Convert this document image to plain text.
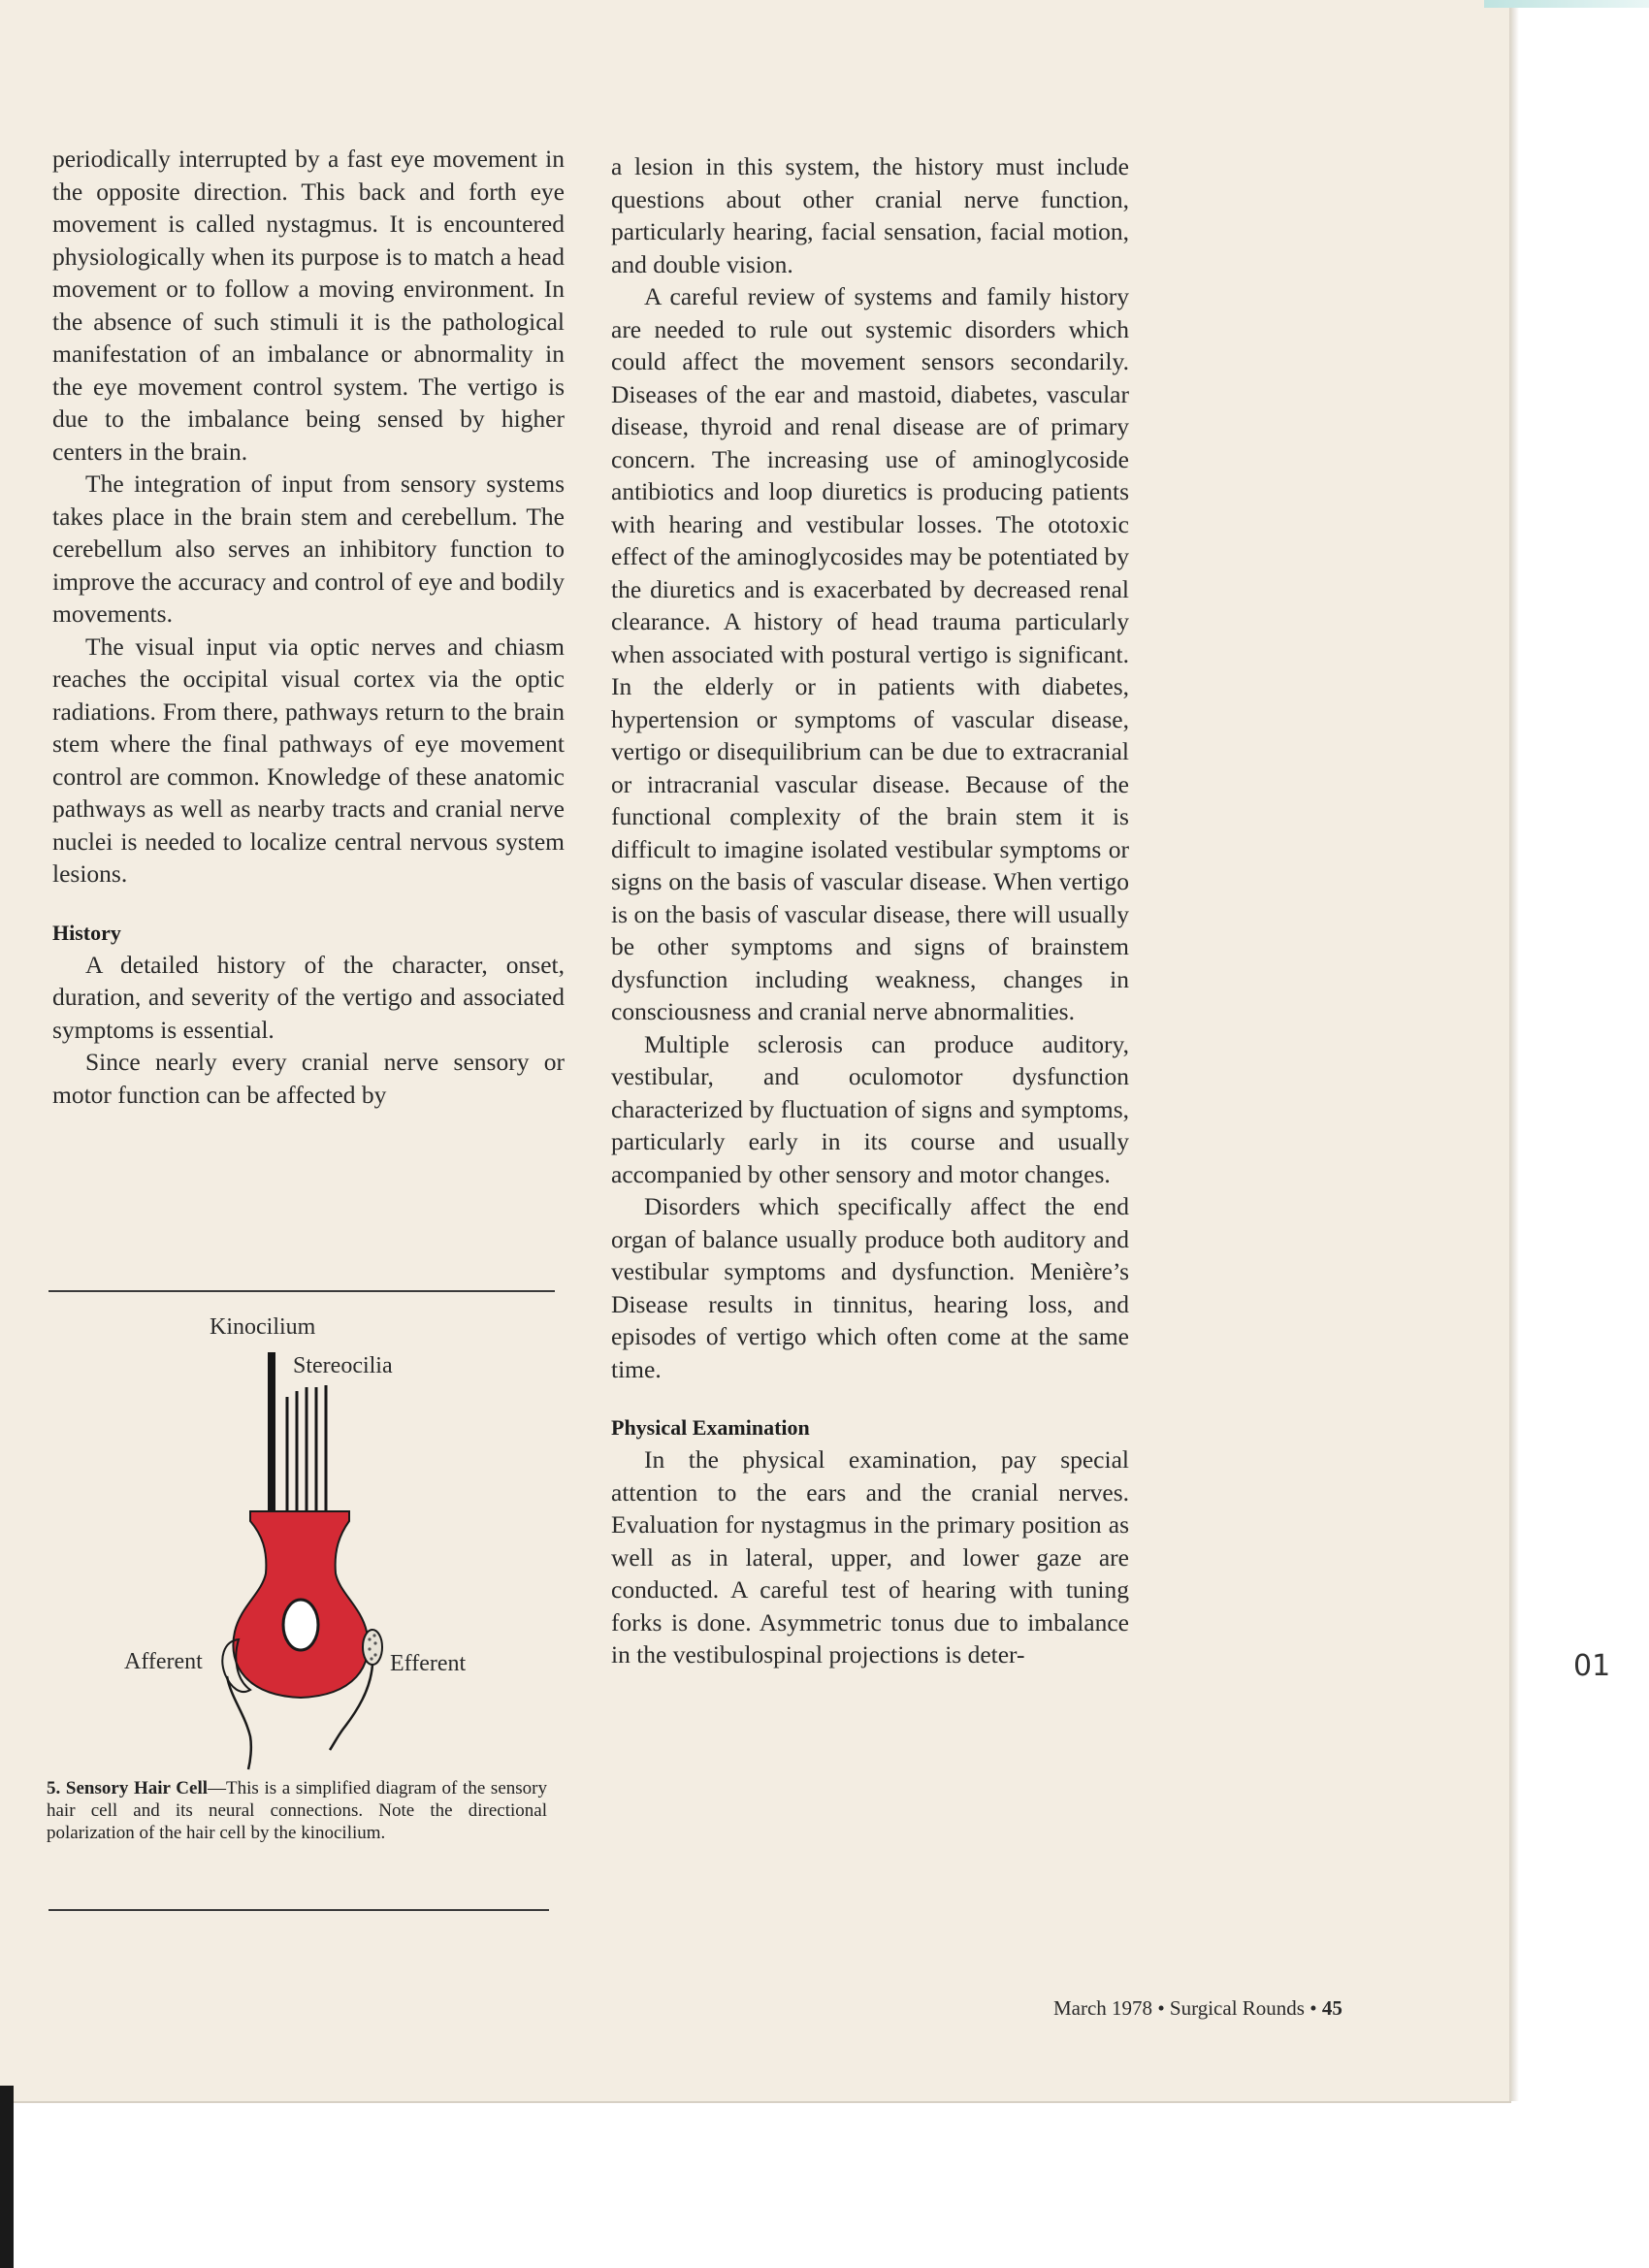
periodically interrupted by a fast eye movement in the opposite direction. This back and forth eye movement is called nystagmus. It is encountered physiologically when its purpose is to match a head movement or to follow a moving environment. In the absence of such stimuli it is the pathological manifestation of an imbalance or abnormality in the eye movement control system. The vertigo is due to the imbalance being sensed by higher centers in the brain.

The integration of input from sensory systems takes place in the brain stem and cerebellum. The cerebellum also serves an inhibitory function to improve the accuracy and control of eye and bodily movements.

The visual input via optic nerves and chiasm reaches the occipital visual cortex via the optic radiations. From there, pathways return to the brain stem where the final pathways of eye movement control are common. Knowledge of these anatomic pathways as well as nearby tracts and cranial nerve nuclei is needed to localize central nervous system lesions.

History

A detailed history of the character, onset, duration, and severity of the vertigo and associated symptoms is essential.

Since nearly every cranial nerve sensory or motor function can be affected by

Kinocilium
Stereocilia
Afferent	Efferent
5. Sensory Hair Cell—This is a simplified diagram of the sensory hair cell and its neural connections. Note the directional polarization of the hair cell by the kinocilium.

a lesion in this system, the history must include questions about other cranial nerve function, particularly hearing, facial sensation, facial motion, and double vision.

A careful review of systems and family history are needed to rule out systemic disorders which could affect the movement sensors secondarily. Diseases of the ear and mastoid, diabetes, vascular disease, thyroid and renal disease are of primary concern. The increasing use of aminoglycoside antibiotics and loop diuretics is producing patients with hearing and vestibular losses. The ototoxic effect of the aminoglycosides may be potentiated by the diuretics and is exacerbated by decreased renal clearance. A history of head trauma particularly when associated with postural vertigo is significant. In the elderly or in patients with diabetes, hypertension or symptoms of vascular disease, vertigo or disequilibrium can be due to extracranial or intracranial vascular disease. Because of the functional complexity of the brain stem it is difficult to imagine isolated vestibular symptoms or signs on the basis of vascular disease. When vertigo is on the basis of vascular disease, there will usually be other symptoms and signs of brainstem dysfunction including weakness, changes in consciousness and cranial nerve abnormalities.

Multiple sclerosis can produce auditory, vestibular, and oculomotor dysfunction characterized by fluctuation of signs and symptoms, particularly early in its course and usually accompanied by other sensory and motor changes.

Disorders which specifically affect the end organ of balance usually produce both auditory and vestibular symptoms and dysfunction. Menière’s Disease results in tinnitus, hearing loss, and episodes of vertigo which often come at the same time.

Physical Examination

In the physical examination, pay special attention to the ears and the cranial nerves. Evaluation for nystagmus in the primary position as well as in lateral, upper, and lower gaze are conducted. A careful test of hearing with tuning forks is done. Asymmetric tonus due to imbalance in the vestibulospinal projections is deter-

March 1978 • Surgical Rounds • 45
01
